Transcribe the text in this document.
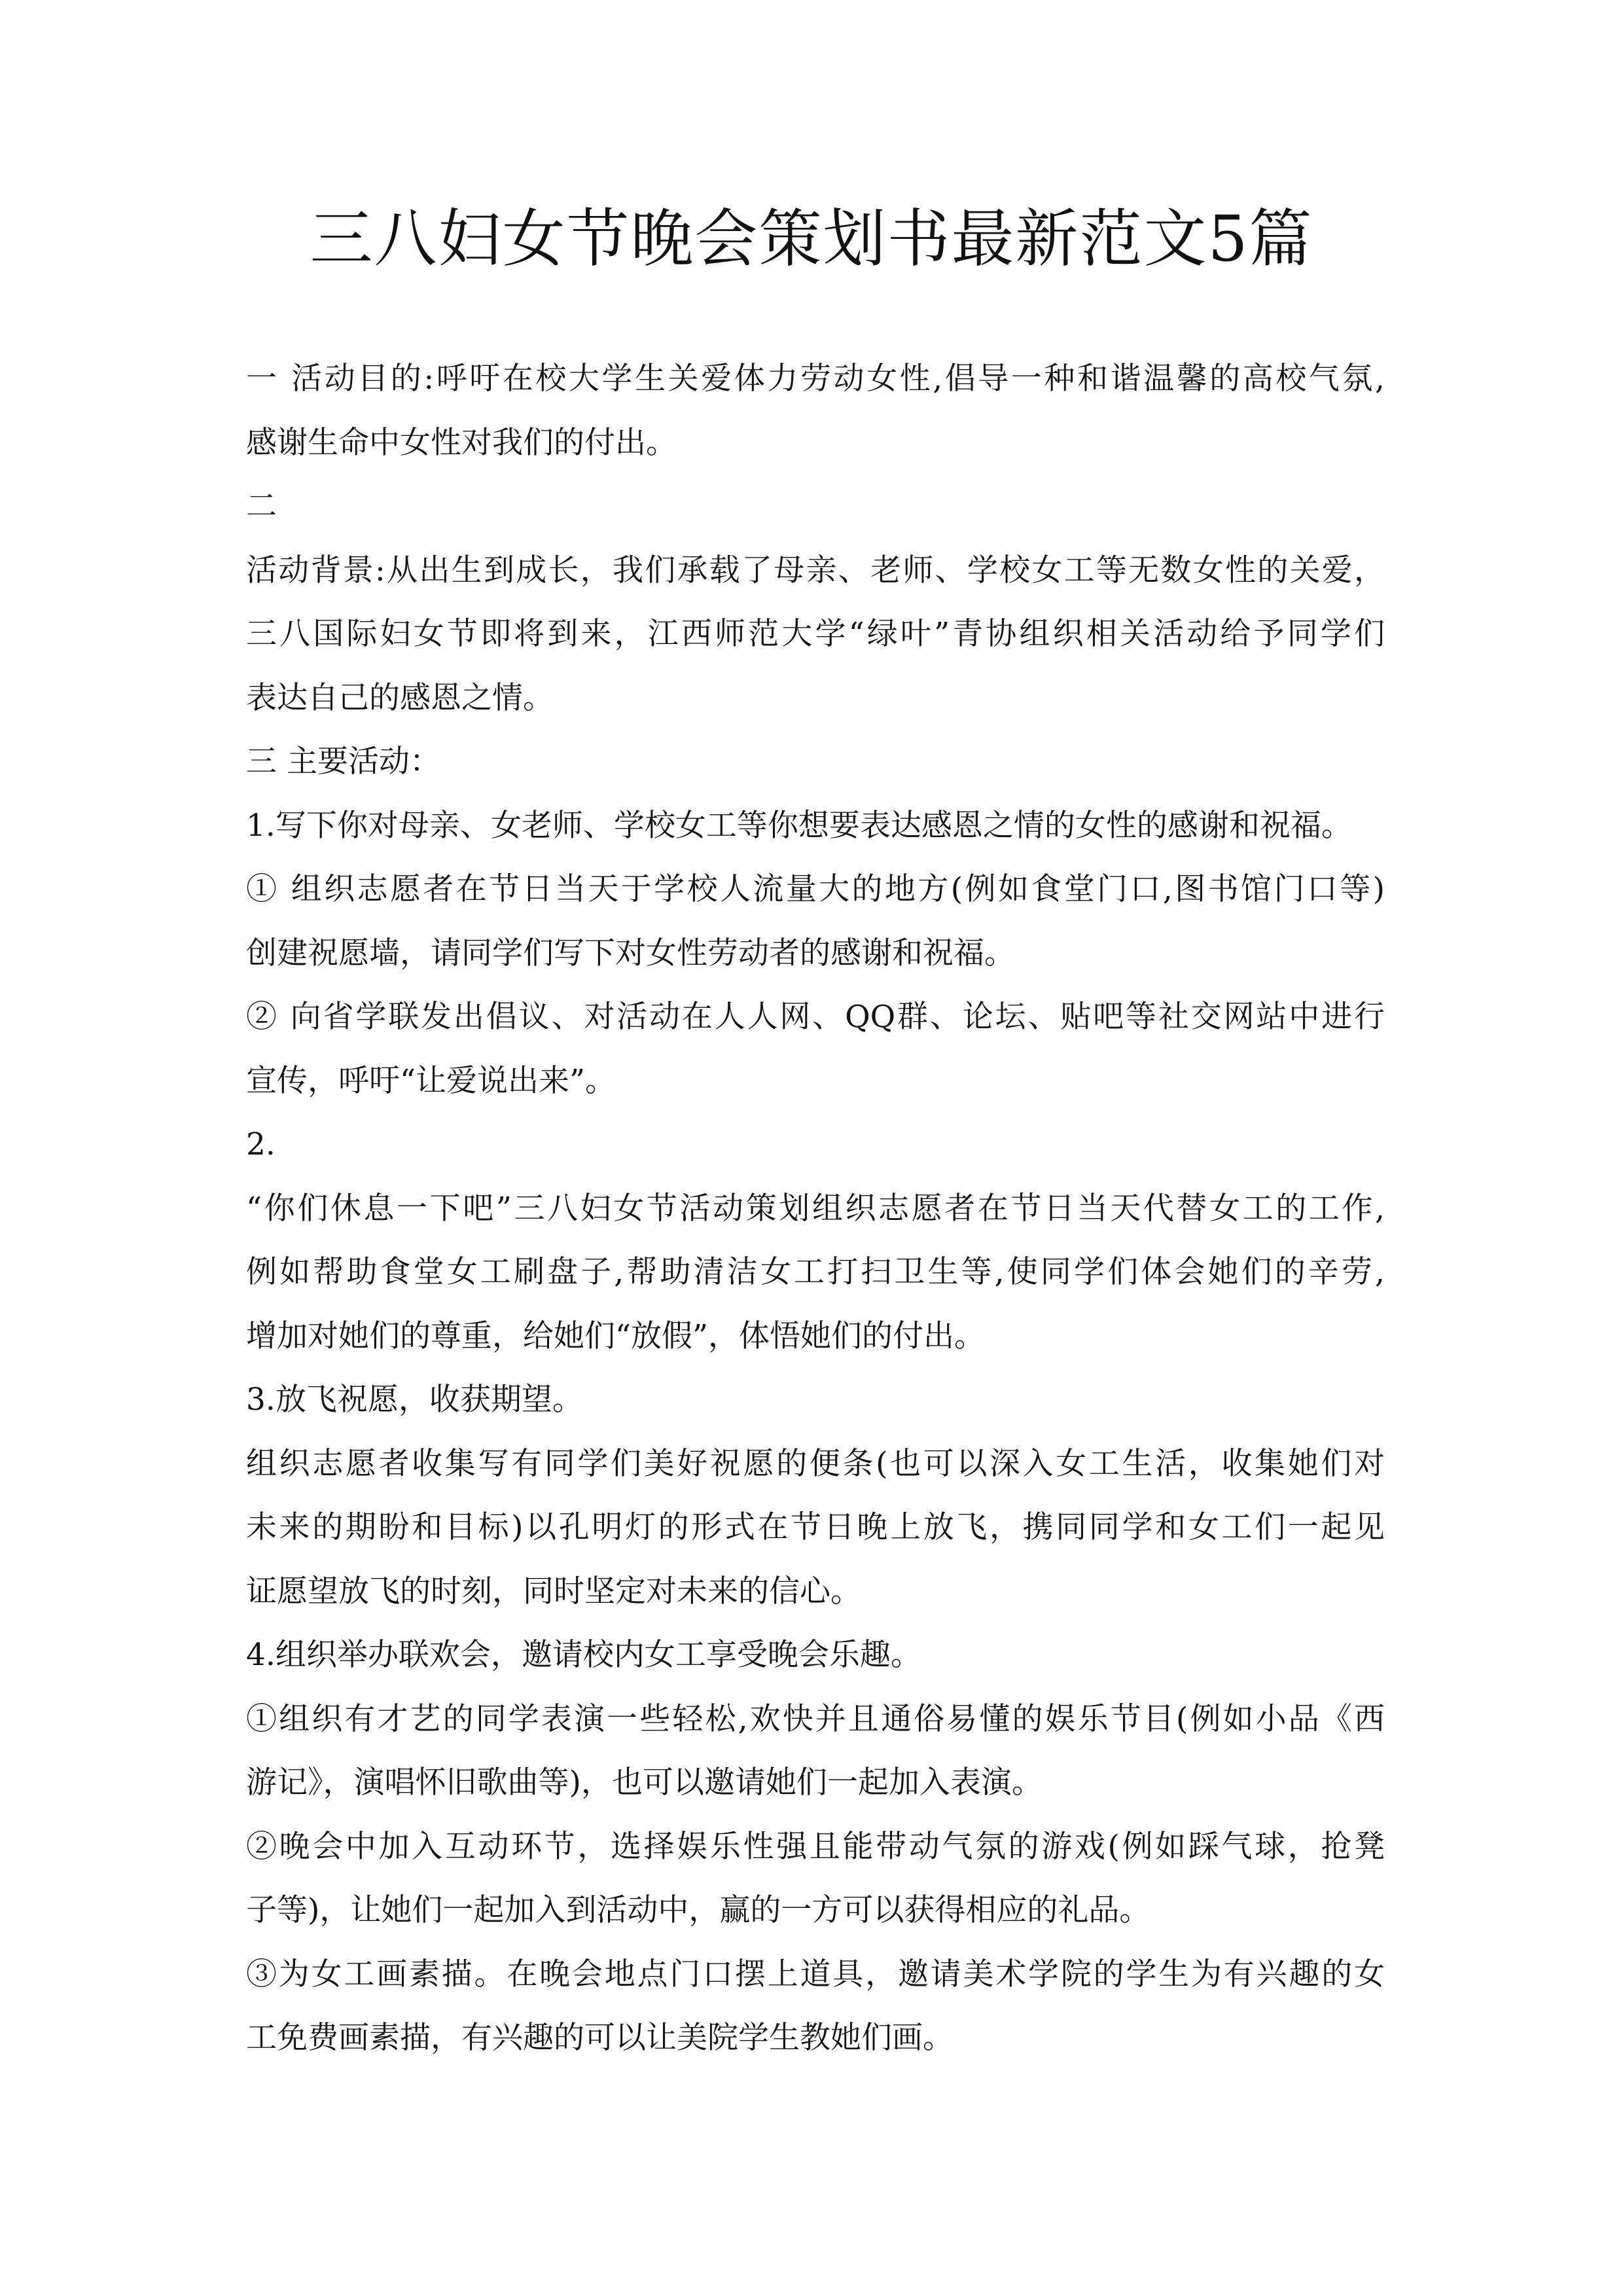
三八妇女节晚会策划书最新范文5篇
一 活动目的:呼吁在校大学生关爱体力劳动女性,倡导一种和谐温馨的高校气氛,
感谢生命中女性对我们的付出。
二
活动背景:从出生到成长，我们承载了母亲、老师、学校女工等无数女性的关爱，
三八国际妇女节即将到来，江西师范大学“绿叶”青协组织相关活动给予同学们
表达自己的感恩之情。
三 主要活动：
1.写下你对母亲、女老师、学校女工等你想要表达感恩之情的女性的感谢和祝福。
① 组织志愿者在节日当天于学校人流量大的地方(例如食堂门口,图书馆门口等)
创建祝愿墙，请同学们写下对女性劳动者的感谢和祝福。
② 向省学联发出倡议、对活动在人人网、QQ群、论坛、贴吧等社交网站中进行
宣传，呼吁“让爱说出来”。
2.
“你们休息一下吧”三八妇女节活动策划组织志愿者在节日当天代替女工的工作,
例如帮助食堂女工刷盘子,帮助清洁女工打扫卫生等,使同学们体会她们的辛劳,
增加对她们的尊重，给她们“放假”，体悟她们的付出。
3.放飞祝愿，收获期望。
组织志愿者收集写有同学们美好祝愿的便条(也可以深入女工生活，收集她们对
未来的期盼和目标)以孔明灯的形式在节日晚上放飞，携同同学和女工们一起见
证愿望放飞的时刻，同时坚定对未来的信心。
4.组织举办联欢会，邀请校内女工享受晚会乐趣。
①组织有才艺的同学表演一些轻松,欢快并且通俗易懂的娱乐节目(例如小品《西
游记》，演唱怀旧歌曲等)，也可以邀请她们一起加入表演。
②晚会中加入互动环节，选择娱乐性强且能带动气氛的游戏(例如踩气球，抢凳
子等)，让她们一起加入到活动中，赢的一方可以获得相应的礼品。
③为女工画素描。在晚会地点门口摆上道具，邀请美术学院的学生为有兴趣的女
工免费画素描，有兴趣的可以让美院学生教她们画。
